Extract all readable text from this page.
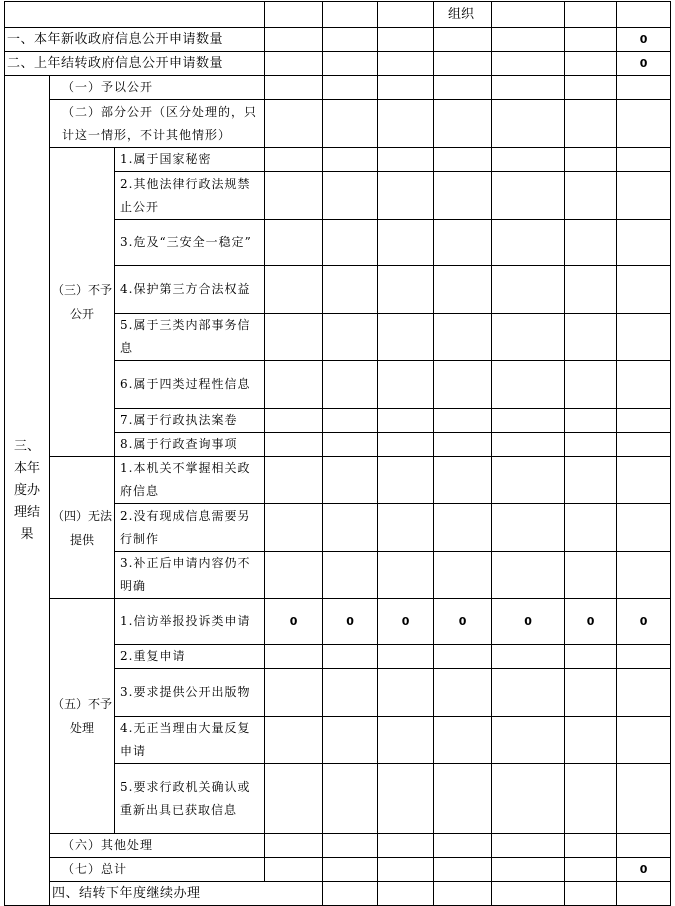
						组织				
一、本年新收政府信息公开申请数量									0	
二、上年结转政府信息公开申请数量									0	
三、本年度办理结果	（一）予以公开									
	（二）部分公开（区分处理的，只计这一情形，不计其他情形）									
	（三）不予公开	1.属于国家秘密								
		2.其他法律行政法规禁止公开								
		3.危及“三安全一稳定”								
		4.保护第三方合法权益								
		5.属于三类内部事务信息								
		6.属于四类过程性信息								
		7.属于行政执法案卷								
		8.属于行政查询事项								
	（四）无法提供	1.本机关不掌握相关政府信息								
		2.没有现成信息需要另行制作								
		3.补正后申请内容仍不明确								
	（五）不予处理	1.信访举报投诉类申请	0	0	0	0	0	0	0	
		2.重复申请								
		3.要求提供公开出版物								
		4.无正当理由大量反复申请								
		5.要求行政机关确认或重新出具已获取信息								
	（六）其他处理									
	（七）总计								0	
	四、结转下年度继续办理							
